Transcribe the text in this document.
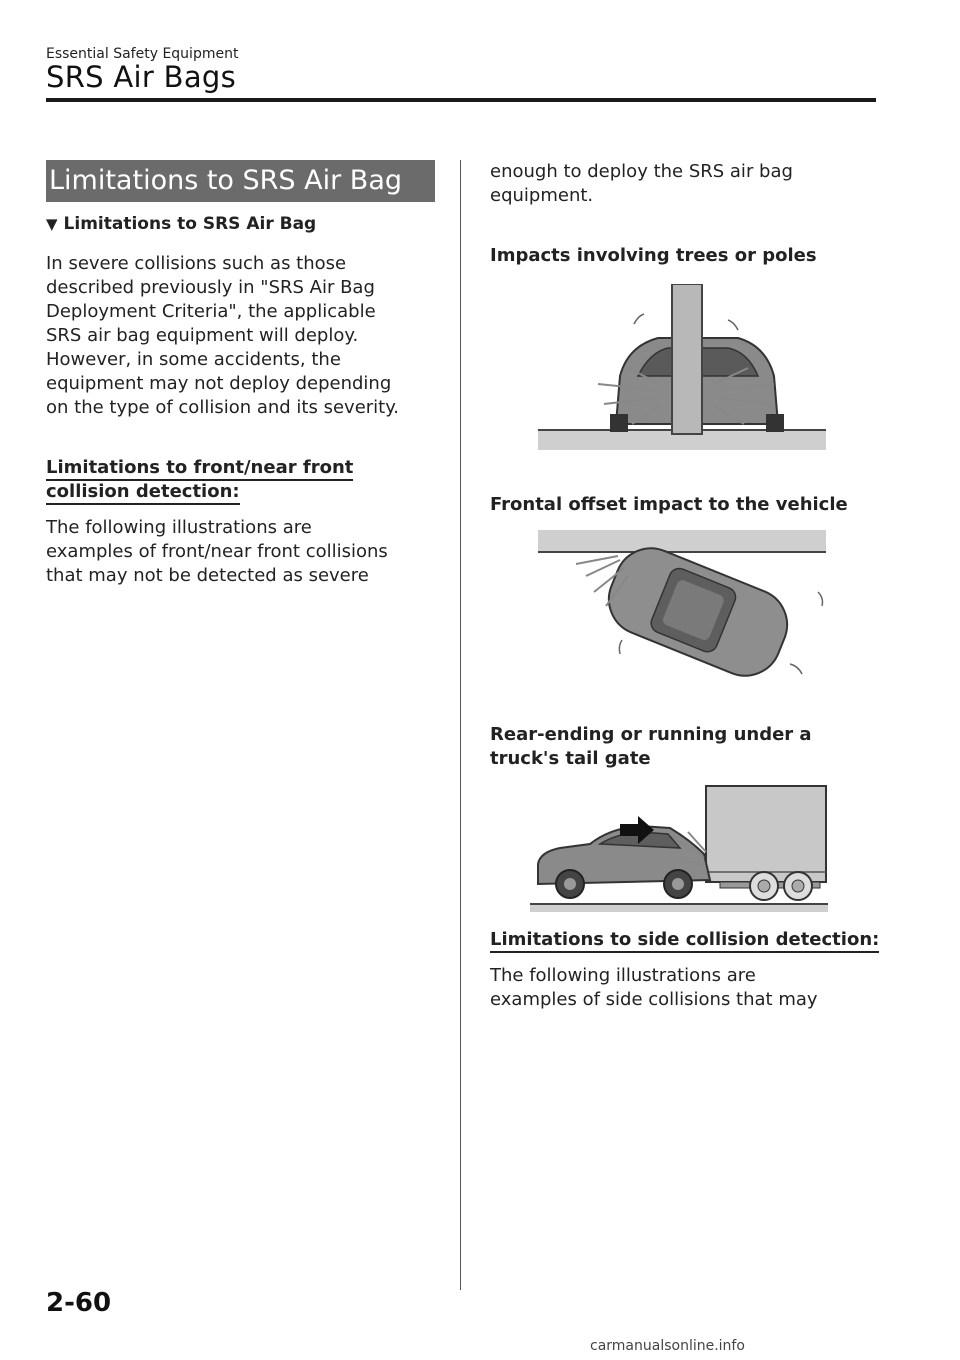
Essential Safety Equipment
SRS Air Bags
Limitations to SRS Air Bag
▼ Limitations to SRS Air Bag
In severe collisions such as those
described previously in "SRS Air Bag
Deployment Criteria", the applicable
SRS air bag equipment will deploy.
However, in some accidents, the
equipment may not deploy depending
on the type of collision and its severity.
Limitations to front/near front
collision detection:
The following illustrations are
examples of front/near front collisions
that may not be detected as severe
enough to deploy the SRS air bag
equipment.
Impacts involving trees or poles
Frontal offset impact to the vehicle
Rear-ending or running under a
truck's tail gate
Limitations to side collision detection:
The following illustrations are
examples of side collisions that may
2-60
carmanualsonline.info
